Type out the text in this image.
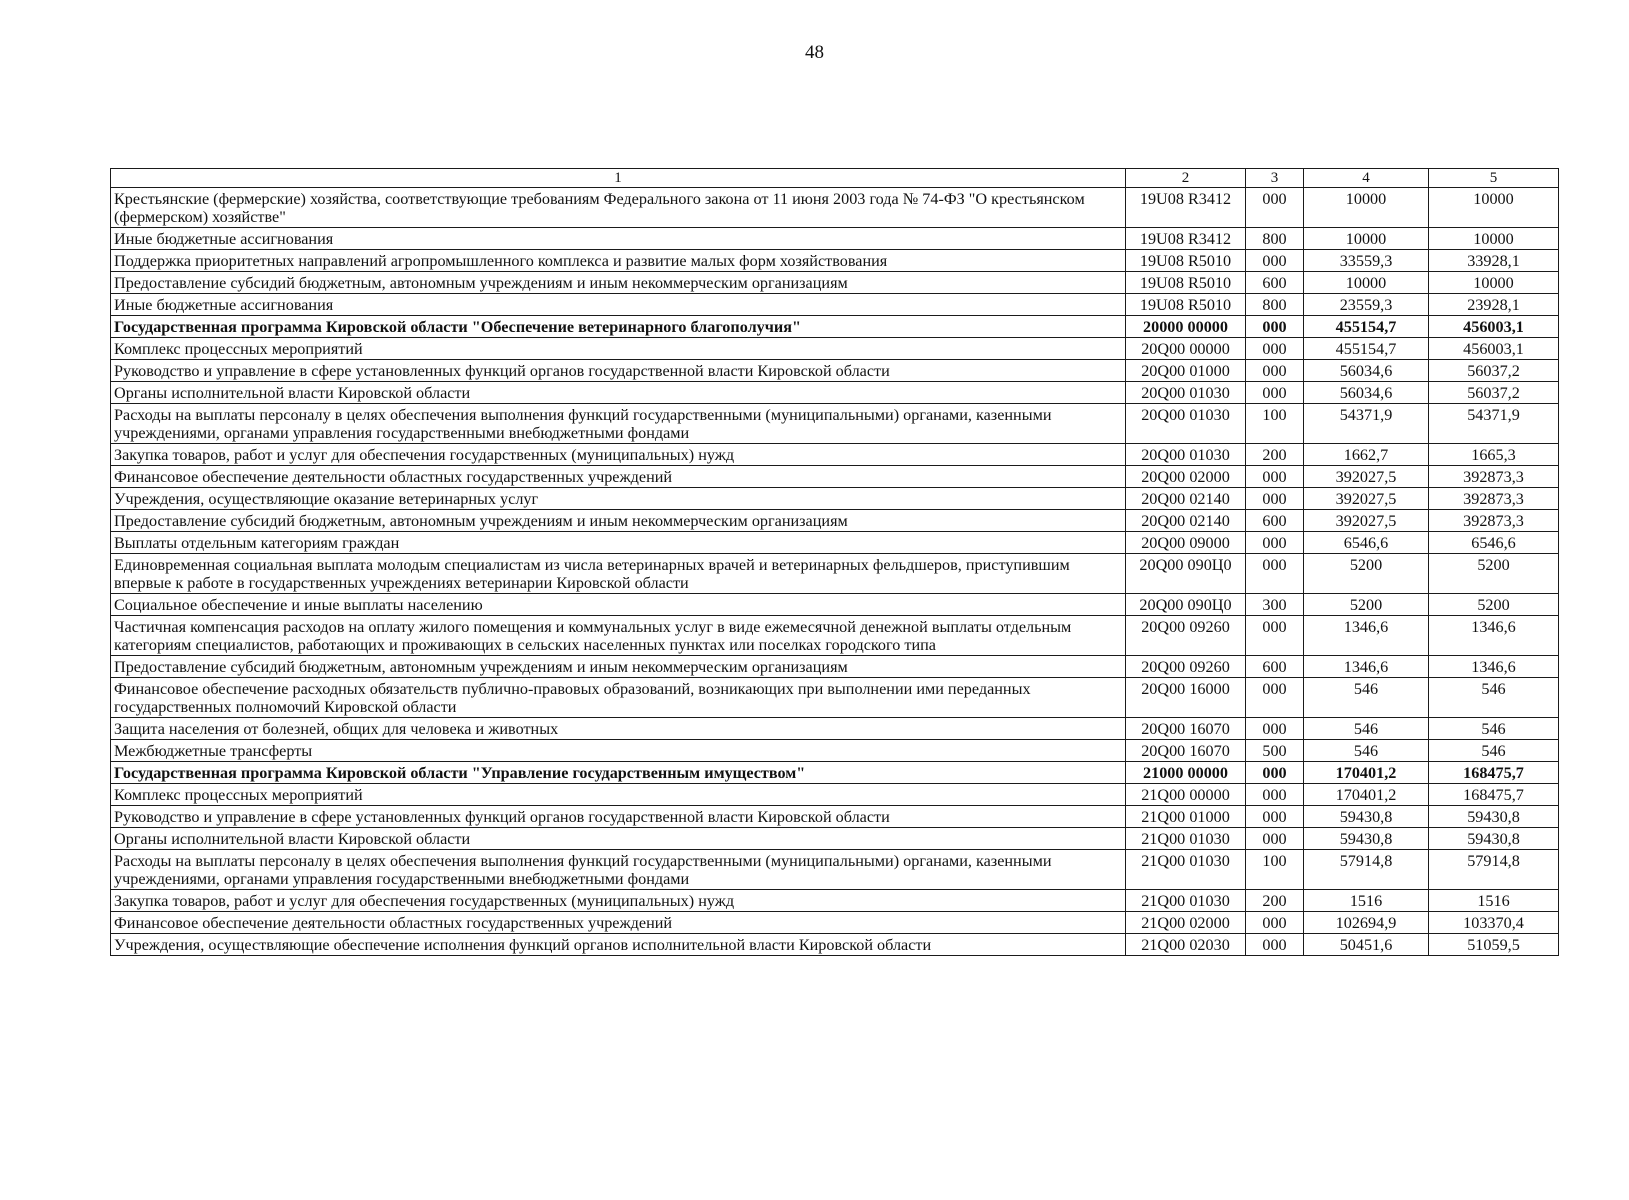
48
1	2	3	4	5
Крестьянские (фермерские) хозяйства, соответствующие требованиям Федерального закона от 11 июня 2003 года № 74-ФЗ "О крестьянском (фермерском) хозяйстве"	19U08 R3412	000	10000	10000
Иные бюджетные ассигнования	19U08 R3412	800	10000	10000
Поддержка приоритетных направлений агропромышленного комплекса и развитие малых форм хозяйствования	19U08 R5010	000	33559,3	33928,1
Предоставление субсидий бюджетным, автономным учреждениям и иным некоммерческим организациям	19U08 R5010	600	10000	10000
Иные бюджетные ассигнования	19U08 R5010	800	23559,3	23928,1
Государственная программа Кировской области "Обеспечение ветеринарного благополучия"	20000 00000	000	455154,7	456003,1
Комплекс процессных мероприятий	20Q00 00000	000	455154,7	456003,1
Руководство и управление в сфере установленных функций органов государственной власти Кировской области	20Q00 01000	000	56034,6	56037,2
Органы исполнительной власти Кировской области	20Q00 01030	000	56034,6	56037,2
Расходы на выплаты персоналу в целях обеспечения выполнения функций государственными (муниципальными) органами, казенными учреждениями, органами управления государственными внебюджетными фондами	20Q00 01030	100	54371,9	54371,9
Закупка товаров, работ и услуг для обеспечения государственных (муниципальных) нужд	20Q00 01030	200	1662,7	1665,3
Финансовое обеспечение деятельности областных государственных учреждений	20Q00 02000	000	392027,5	392873,3
Учреждения, осуществляющие оказание ветеринарных услуг	20Q00 02140	000	392027,5	392873,3
Предоставление субсидий бюджетным, автономным учреждениям и иным некоммерческим организациям	20Q00 02140	600	392027,5	392873,3
Выплаты отдельным категориям граждан	20Q00 09000	000	6546,6	6546,6
Единовременная социальная выплата молодым специалистам из числа ветеринарных врачей и ветеринарных фельдшеров, приступившим впервые к работе в государственных учреждениях ветеринарии Кировской области	20Q00 090Ц0	000	5200	5200
Социальное обеспечение и иные выплаты населению	20Q00 090Ц0	300	5200	5200
Частичная компенсация расходов на оплату жилого помещения и коммунальных услуг в виде ежемесячной денежной выплаты отдельным категориям специалистов, работающих и проживающих в сельских населенных пунктах или поселках городского типа	20Q00 09260	000	1346,6	1346,6
Предоставление субсидий бюджетным, автономным учреждениям и иным некоммерческим организациям	20Q00 09260	600	1346,6	1346,6
Финансовое обеспечение расходных обязательств публично-правовых образований, возникающих при выполнении ими переданных государственных полномочий Кировской области	20Q00 16000	000	546	546
Защита населения от болезней, общих для человека и животных	20Q00 16070	000	546	546
Межбюджетные трансферты	20Q00 16070	500	546	546
Государственная программа Кировской области "Управление государственным имуществом"	21000 00000	000	170401,2	168475,7
Комплекс процессных мероприятий	21Q00 00000	000	170401,2	168475,7
Руководство и управление в сфере установленных функций органов государственной власти Кировской области	21Q00 01000	000	59430,8	59430,8
Органы исполнительной власти Кировской области	21Q00 01030	000	59430,8	59430,8
Расходы на выплаты персоналу в целях обеспечения выполнения функций государственными (муниципальными) органами, казенными учреждениями, органами управления государственными внебюджетными фондами	21Q00 01030	100	57914,8	57914,8
Закупка товаров, работ и услуг для обеспечения государственных (муниципальных) нужд	21Q00 01030	200	1516	1516
Финансовое обеспечение деятельности областных государственных учреждений	21Q00 02000	000	102694,9	103370,4
Учреждения, осуществляющие обеспечение исполнения функций органов исполнительной власти Кировской области	21Q00 02030	000	50451,6	51059,5
